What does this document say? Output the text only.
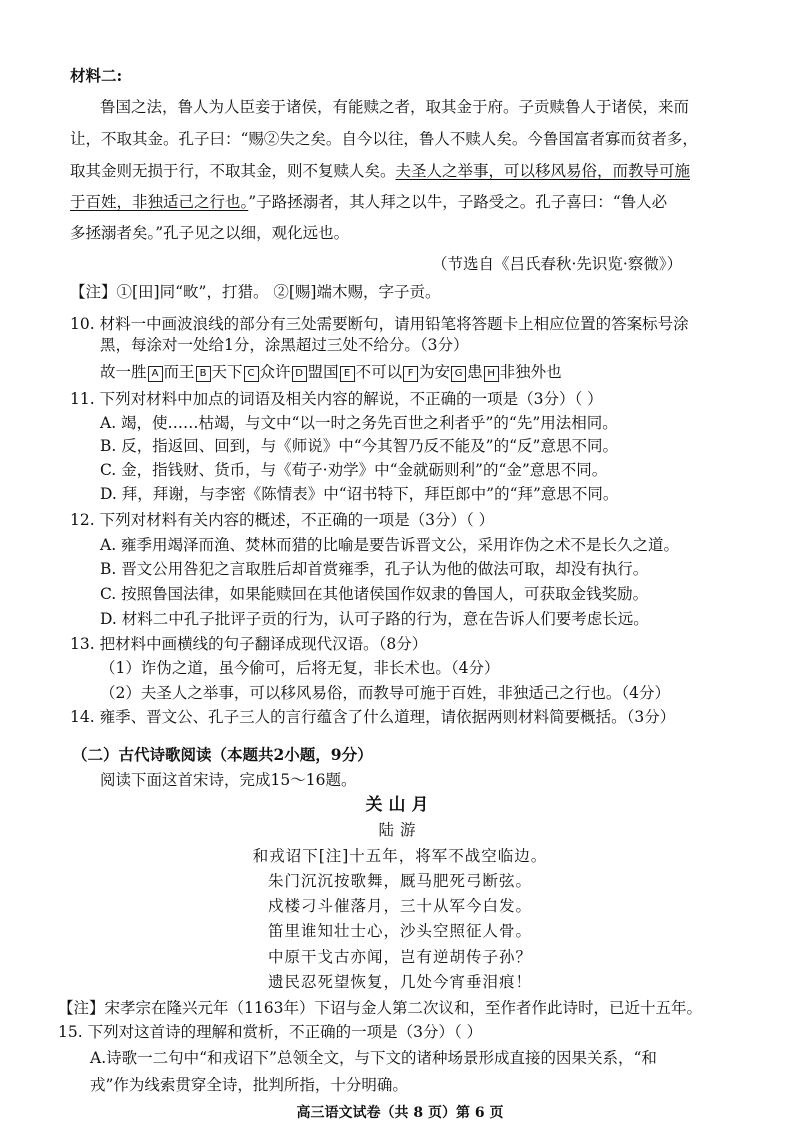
材料二:
鲁国之法，鲁人为人臣妾于诸侯，有能赎之者，取其金于府。子贡赎鲁人于诸侯，来而
让，不取其金。孔子曰：“赐②失之矣。自今以往，鲁人不赎人矣。今鲁国富者寡而贫者多，
取其金则无损于行，不取其金，则不复赎人矣。夫圣人之举事，可以移风易俗，而教导可施
于百姓，非独适己之行也。”子路拯溺者，其人拜之以牛，子路受之。孔子喜曰：“鲁人必
多拯溺者矣。”孔子见之以细，观化远也。
（节选自《吕氏春秋·先识览·察微》）
【注】①[田]同“畋”，打猎。 ②[赐]端木赐，字子贡。
10. 材料一中画波浪线的部分有三处需要断句，请用铅笔将答题卡上相应位置的答案标号涂
黑，每涂对一处给1分，涂黑超过三处不给分。（3分）
故一胜 A 而王 B 天下 C 众许 D 盟国 E 不可以 F 为安 G 患 H 非独外也
11. 下列对材料中加点的词语及相关内容的解说，不正确的一项是（3分）（ ）
A. 竭，使……枯竭，与文中“以一时之务先百世之利者乎”的“先”用法相同。
B. 反，指返回、回到，与《师说》中“今其智乃反不能及”的“反”意思不同。
C. 金，指钱财、货币，与《荀子·劝学》中“金就砺则利”的“金”意思不同。
D. 拜，拜谢，与李密《陈情表》中“诏书特下，拜臣郎中”的“拜”意思不同。
12. 下列对材料有关内容的概述，不正确的一项是（3分）（ ）
A. 雍季用竭泽而渔、焚林而猎的比喻是要告诉晋文公，采用诈伪之术不是长久之道。
B. 晋文公用咎犯之言取胜后却首赏雍季，孔子认为他的做法可取，却没有执行。
C. 按照鲁国法律，如果能赎回在其他诸侯国作奴隶的鲁国人，可获取金钱奖励。
D. 材料二中孔子批评子贡的行为，认可子路的行为，意在告诉人们要考虑长远。
13. 把材料中画横线的句子翻译成现代汉语。（8分）
（1）诈伪之道，虽今偷可，后将无复，非长术也。（4分）
（2）夫圣人之举事，可以移风易俗，而教导可施于百姓，非独适己之行也。（4分）
14. 雍季、晋文公、孔子三人的言行蕴含了什么道理，请依据两则材料简要概括。（3分）
（二）古代诗歌阅读（本题共2小题，9分）
阅读下面这首宋诗，完成15～16题。
关山月
陆游
和戎诏下[注]十五年，将军不战空临边。
朱门沉沉按歌舞，厩马肥死弓断弦。
戍楼刁斗催落月，三十从军今白发。
笛里谁知壮士心，沙头空照征人骨。
中原干戈古亦闻，岂有逆胡传子孙？
遗民忍死望恢复，几处今宵垂泪痕！
【注】宋孝宗在隆兴元年（1163年）下诏与金人第二次议和，至作者作此诗时，已近十五年。
15. 下列对这首诗的理解和赏析，不正确的一项是（3分）（ ）
A.诗歌一二句中“和戎诏下”总领全文，与下文的诸种场景形成直接的因果关系，“和
戎”作为线索贯穿全诗，批判所指，十分明确。
高三语文试卷（共 8 页）第 6 页
